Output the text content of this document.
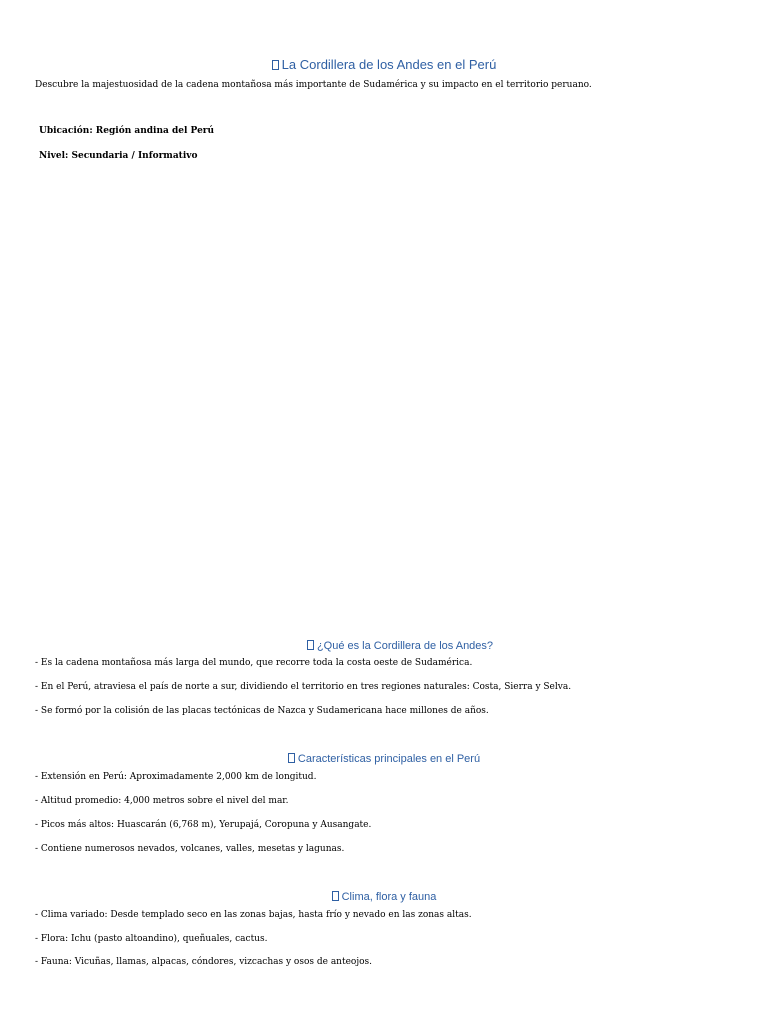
La Cordillera de los Andes en el Perú
Descubre la majestuosidad de la cadena montañosa más importante de Sudamérica y su impacto en el territorio peruano.
Ubicación: Región andina del Perú
Nivel: Secundaria / Informativo
¿Qué es la Cordillera de los Andes?
- Es la cadena montañosa más larga del mundo, que recorre toda la costa oeste de Sudamérica.
- En el Perú, atraviesa el país de norte a sur, dividiendo el territorio en tres regiones naturales: Costa, Sierra y Selva.
- Se formó por la colisión de las placas tectónicas de Nazca y Sudamericana hace millones de años.
Características principales en el Perú
- Extensión en Perú: Aproximadamente 2,000 km de longitud.
- Altitud promedio: 4,000 metros sobre el nivel del mar.
- Picos más altos: Huascarán (6,768 m), Yerupajá, Coropuna y Ausangate.
- Contiene numerosos nevados, volcanes, valles, mesetas y lagunas.
Clima, flora y fauna
- Clima variado: Desde templado seco en las zonas bajas, hasta frío y nevado en las zonas altas.
- Flora: Ichu (pasto altoandino), queñuales, cactus.
- Fauna: Vicuñas, llamas, alpacas, cóndores, vizcachas y osos de anteojos.
